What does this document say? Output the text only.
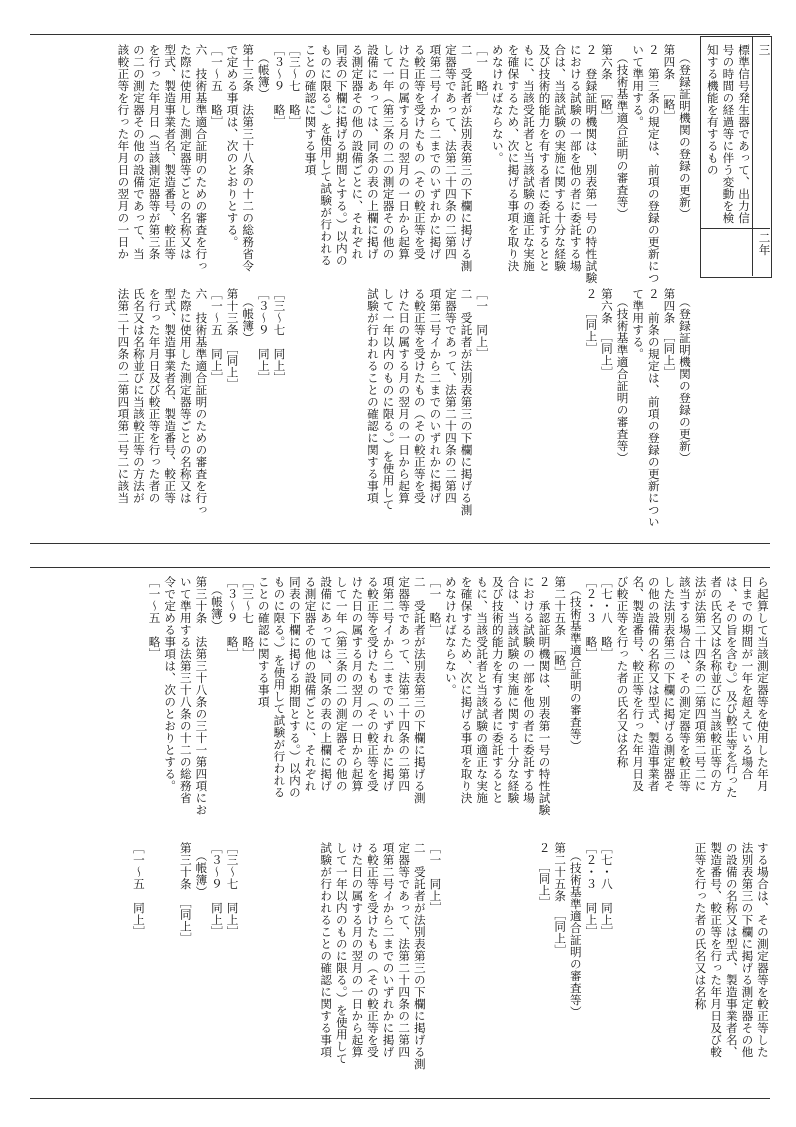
三
標準信号発生器であって、出力信号の時間の経過等に伴う変動を検知する機能を有するもの
二年
（登録証明機関の登録の更新）
第四条　［略］
２　第三条の規定は、前項の登録の更新につ
いて準用する。
（技術基準適合証明の審査等）
第六条　［略］
２　登録証明機関は、別表第一号の特性試験
における試験の一部を他の者に委託する場
合は、当該試験の実施に関する十分な経験
及び技術的能力を有する者に委託するとと
もに、当該受託者と当該試験の適正な実施
を確保するため、次に掲げる事項を取り決
めなければならない。
［一　略］
二　受託者が法別表第三の下欄に掲げる測
定器等であって、法第二十四条の二第四
項第二号イから二までのいずれかに掲げ
る較正等を受けたもの（その較正等を受
けた日の属する月の翌月の一日から起算
して一年（第三条の二の測定器その他の
設備にあっては、同条の表の上欄に掲げ
る測定器その他の設備ごとに、それぞれ
同表の下欄に掲げる期間とする。）以内の
ものに限る。）を使用して試験が行われる
ことの確認に関する事項
［三～七　略］
［３～９　略］
（帳簿）
第十三条　法第三十八条の十二の総務省令
で定める事項は、次のとおりとする。
［一～五　略］
六　技術基準適合証明のための審査を行っ
た際に使用した測定器等ごとの名称又は
型式、製造事業者名、製造番号、較正等
を行った年月日（当該測定器等が第三条
の二の測定器その他の設備であって、当
該較正等を行った年月日の翌月の一日か
（登録証明機関の登録の更新）
第四条　［同上］
２　前条の規定は、前項の登録の更新につい
て準用する。
（技術基準適合証明の審査等）
第六条　［同上］
２　［同上］
［一　同上］
二　受託者が法別表第三の下欄に掲げる測
定器等であって、法第二十四条の二第四
項第二号イから二までのいずれかに掲げ
る較正等を受けたもの（その較正等を受
けた日の属する月の翌月の一日から起算
して一年以内のものに限る。）を使用して
試験が行われることの確認に関する事項
［三～七　同上］
［３～９　同上］
（帳簿）
第十三条　［同上］
［一～五　同上］
六　技術基準適合証明のための審査を行っ
た際に使用した測定器等ごとの名称又は
型式、製造事業者名、製造番号、較正等
を行った年月日及び較正等を行った者の
氏名又は名称並びに当該較正等の方法が
法第二十四条の二第四項第二号二に該当
ら起算して当該測定器等を使用した年月
日までの期間が一年を超えている場合
は、その旨を含む。）及び較正等を行った
者の氏名又は名称並びに当該較正等の方
法が法第二十四条の二第四項第二号二に
該当する場合は、その測定器等を較正等
した法別表第三の下欄に掲げる測定器そ
の他の設備の名称又は型式、製造事業者
名、製造番号、較正等を行った年月日及
び較正等を行った者の氏名又は名称
［七・八　略］
［２・３　略］
（技術基準適合証明の審査等）
第二十五条　［略］
２　承認証明機関は、別表第一号の特性試験
における試験の一部を他の者に委託する場
合は、当該試験の実施に関する十分な経験
及び技術的能力を有する者に委託するとと
もに、当該受託者と当該試験の適正な実施
を確保するため、次に掲げる事項を取り決
めなければならない。
［一　略］
二　受託者が法別表第三の下欄に掲げる測
定器等であって、法第二十四条の二第四
項第二号イから二までのいずれかに掲げ
る較正等を受けたもの（その較正等を受
けた日の属する月の翌月の一日から起算
して一年（第三条の二の測定器その他の
設備にあっては、同条の表の上欄に掲げ
る測定器その他の設備ごとに、それぞれ
同表の下欄に掲げる期間とする。）以内の
ものに限る。）を使用して試験が行われる
ことの確認に関する事項
［三～七　略］
［３～９　略］
（帳簿）
第三十条　法第三十八条の三十一第四項にお
いて準用する法第三十八条の十二の総務省
令で定める事項は、次のとおりとする。
［一～五　略］
する場合は、その測定器等を較正等した
法別表第三の下欄に掲げる測定器その他
の設備の名称又は型式、製造事業者名、
製造番号、較正等を行った年月日及び較
正等を行った者の氏名又は名称
［七・八　同上］
［２・３　同上］
（技術基準適合証明の審査等）
第二十五条　［同上］
２　［同上］
［一　同上］
二　受託者が法別表第三の下欄に掲げる測
定器等であって、法第二十四条の二第四
項第二号イから二までのいずれかに掲げ
る較正等を受けたもの（その較正等を受
けた日の属する月の翌月の一日から起算
して一年以内のものに限る。）を使用して
試験が行われることの確認に関する事項
［三～七　同上］
［３～９　同上］
（帳簿）
第三十条　［同上］
［一～五　同上］
